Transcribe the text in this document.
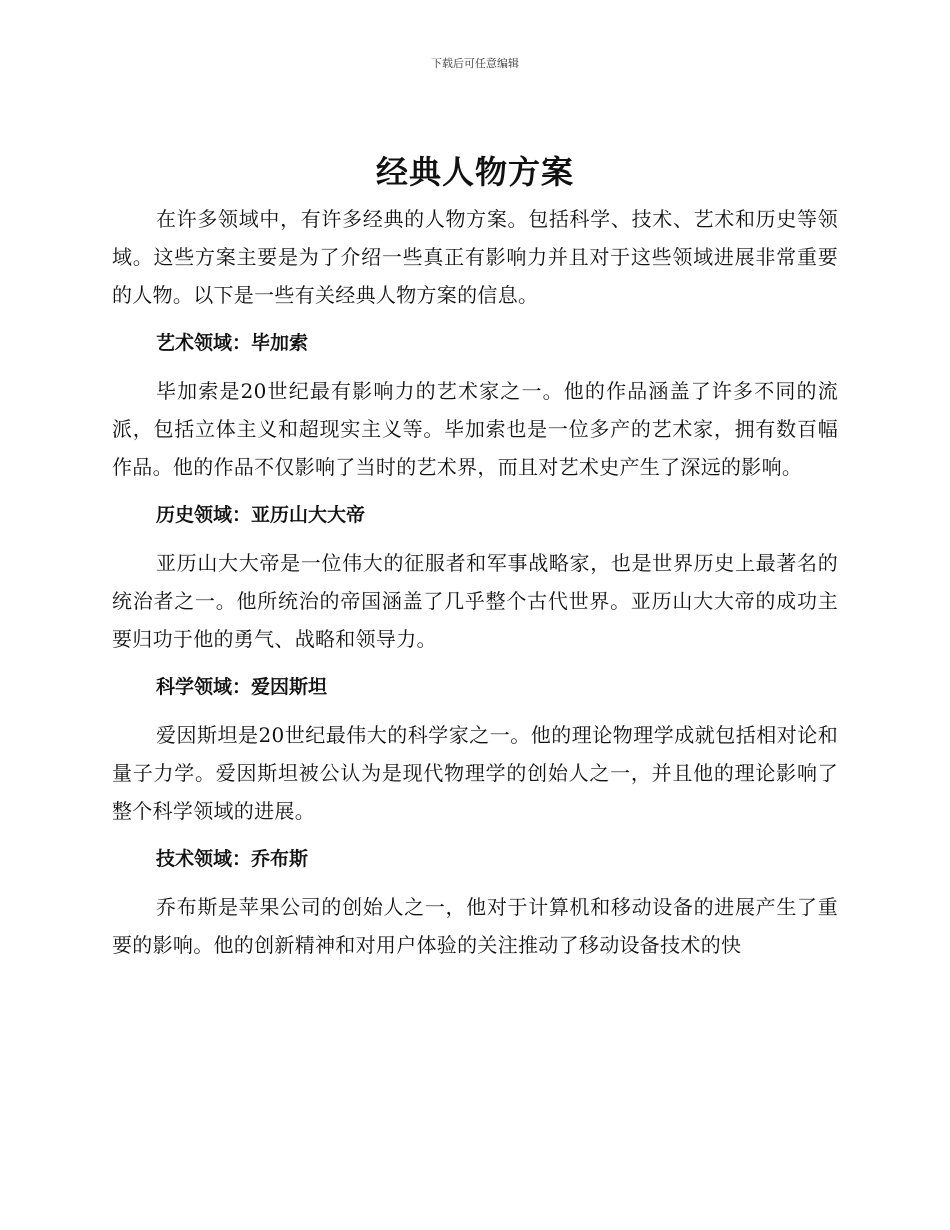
下载后可任意编辑
经典人物方案

在许多领域中，有许多经典的人物方案。包括科学、技术、艺术和历史等领域。这些方案主要是为了介绍一些真正有影响力并且对于这些领域进展非常重要的人物。以下是一些有关经典人物方案的信息。

艺术领域：毕加索

毕加索是20世纪最有影响力的艺术家之一。他的作品涵盖了许多不同的流派，包括立体主义和超现实主义等。毕加索也是一位多产的艺术家，拥有数百幅作品。他的作品不仅影响了当时的艺术界，而且对艺术史产生了深远的影响。

历史领域：亚历山大大帝

亚历山大大帝是一位伟大的征服者和军事战略家，也是世界历史上最著名的统治者之一。他所统治的帝国涵盖了几乎整个古代世界。亚历山大大帝的成功主要归功于他的勇气、战略和领导力。

科学领域：爱因斯坦

爱因斯坦是20世纪最伟大的科学家之一。他的理论物理学成就包括相对论和量子力学。爱因斯坦被公认为是现代物理学的创始人之一，并且他的理论影响了整个科学领域的进展。

技术领域：乔布斯

乔布斯是苹果公司的创始人之一，他对于计算机和移动设备的进展产生了重要的影响。他的创新精神和对用户体验的关注推动了移动设备技术的快
